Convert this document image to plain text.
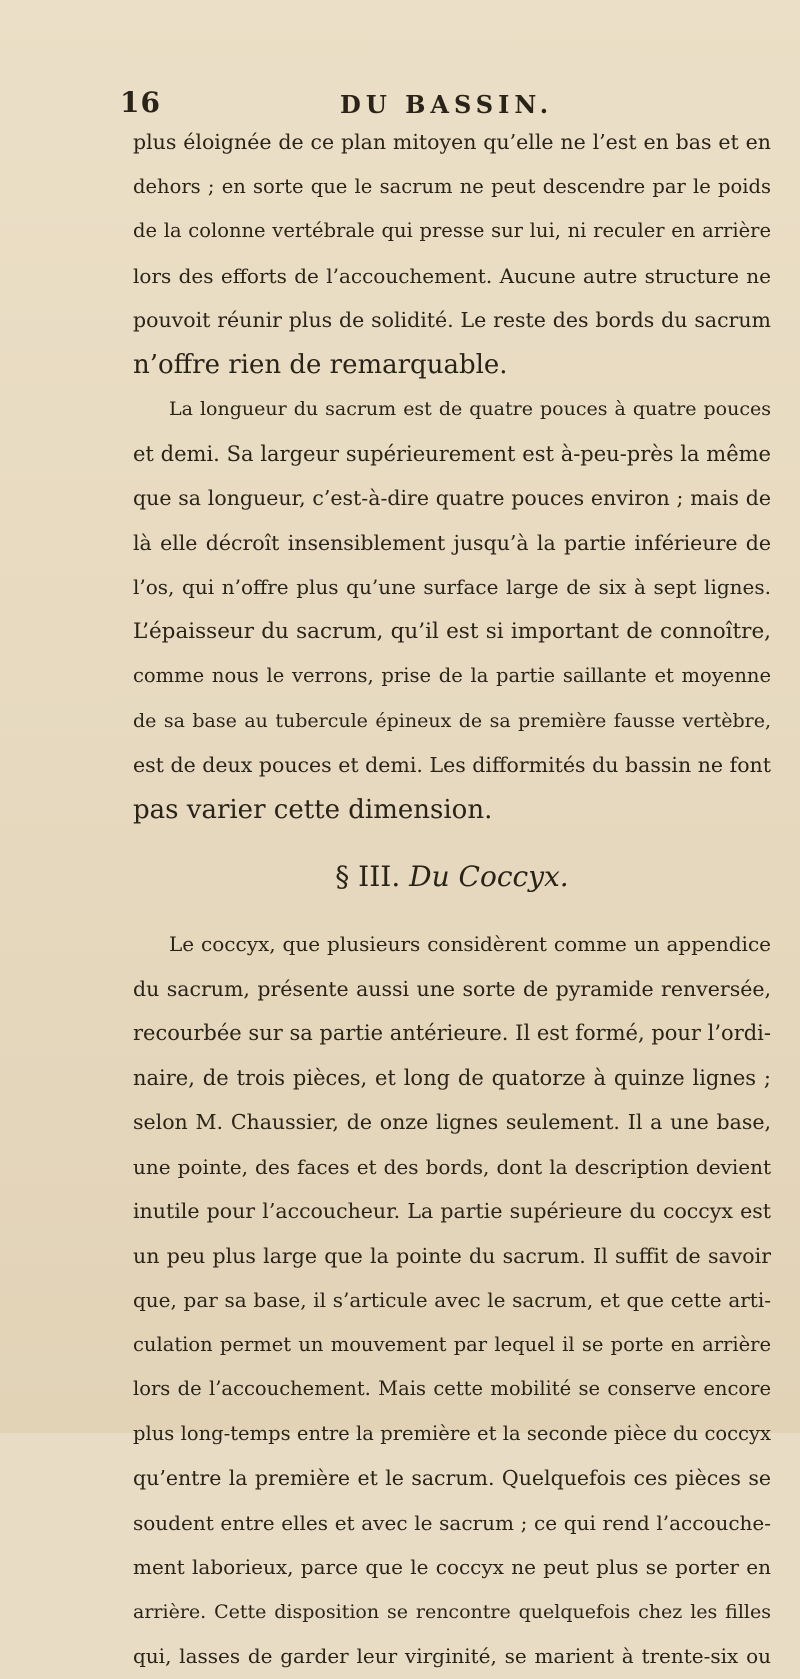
16	DU BASSIN.
plus éloignée de ce plan mitoyen qu’elle ne l’est en bas et en
dehors ; en sorte que le sacrum ne peut descendre par le poids
de la colonne vertébrale qui presse sur lui, ni reculer en arrière
lors des efforts de l’accouchement. Aucune autre structure ne
pouvoit réunir plus de solidité. Le reste des bords du sacrum
n’offre rien de remarquable.
La longueur du sacrum est de quatre pouces à quatre pouces
et demi. Sa largeur supérieurement est à-peu-près la même
que sa longueur, c’est-à-dire quatre pouces environ ; mais de
là elle décroît insensiblement jusqu’à la partie inférieure de
l’os, qui n’offre plus qu’une surface large de six à sept lignes.
L’épaisseur du sacrum, qu’il est si important de connoître,
comme nous le verrons, prise de la partie saillante et moyenne
de sa base au tubercule épineux de sa première fausse vertèbre,
est de deux pouces et demi. Les difformités du bassin ne font
pas varier cette dimension.
§ III. Du Coccyx.
Le coccyx, que plusieurs considèrent comme un appendice
du sacrum, présente aussi une sorte de pyramide renversée,
recourbée sur sa partie antérieure. Il est formé, pour l’ordi-
naire, de trois pièces, et long de quatorze à quinze lignes ;
selon M. Chaussier, de onze lignes seulement. Il a une base,
une pointe, des faces et des bords, dont la description devient
inutile pour l’accoucheur. La partie supérieure du coccyx est
un peu plus large que la pointe du sacrum. Il suffit de savoir
que, par sa base, il s’articule avec le sacrum, et que cette arti-
culation permet un mouvement par lequel il se porte en arrière
lors de l’accouchement. Mais cette mobilité se conserve encore
plus long-temps entre la première et la seconde pièce du coccyx
qu’entre la première et le sacrum. Quelquefois ces pièces se
soudent entre elles et avec le sacrum ; ce qui rend l’accouche-
ment laborieux, parce que le coccyx ne peut plus se porter en
arrière. Cette disposition se rencontre quelquefois chez les filles
qui, lasses de garder leur virginité, se marient à trente-six ou
